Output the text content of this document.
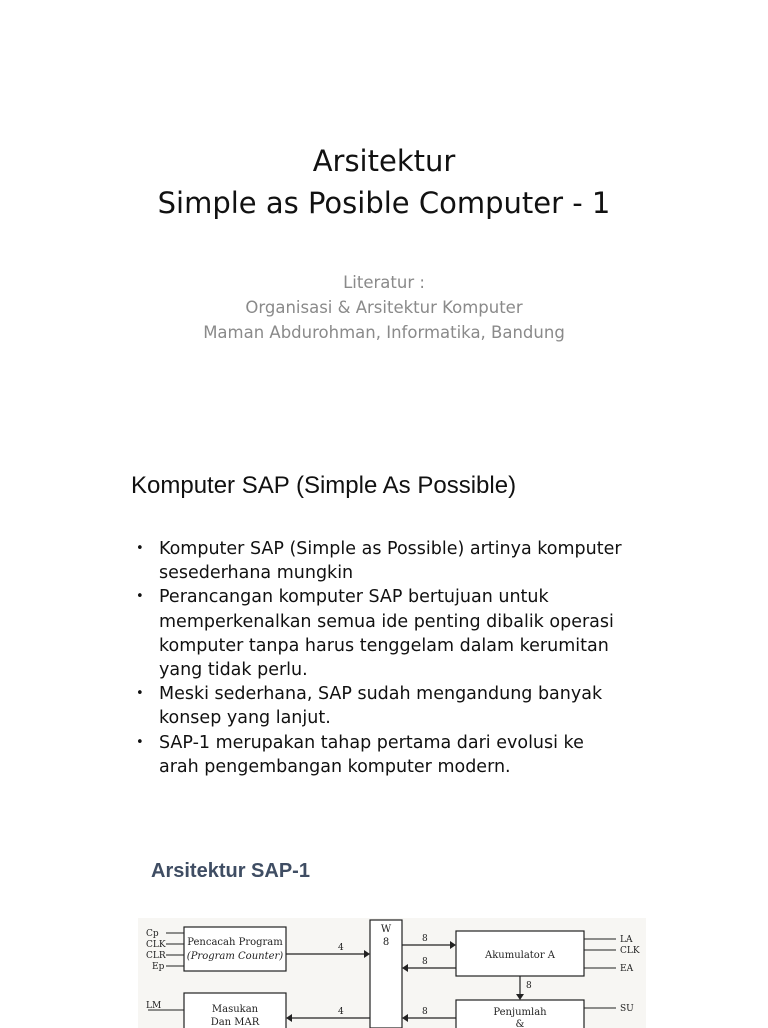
Arsitektur
Simple as Posible Computer - 1
Literatur :
Organisasi & Arsitektur Komputer
Maman Abdurohman, Informatika, Bandung
Komputer SAP (Simple As Possible)
• Komputer SAP (Simple as Possible) artinya komputer
sesederhana mungkin
• Perancangan komputer SAP bertujuan untuk
memperkenalkan semua ide penting dibalik operasi
komputer tanpa harus tenggelam dalam kerumitan
yang tidak perlu.
• Meski sederhana, SAP sudah mengandung banyak
konsep yang lanjut.
• SAP-1 merupakan tahap pertama dari evolusi ke
arah pengembangan komputer modern.
Arsitektur SAP-1
Cp
CLK
CLR
Ep
Pencacah Program
(Program Counter)
4
W
8	8
8
Akumulator A
LA
CLK
EA
8
Penjumlah
&
SU
LM	Masukan
Dan MAR
4	8
